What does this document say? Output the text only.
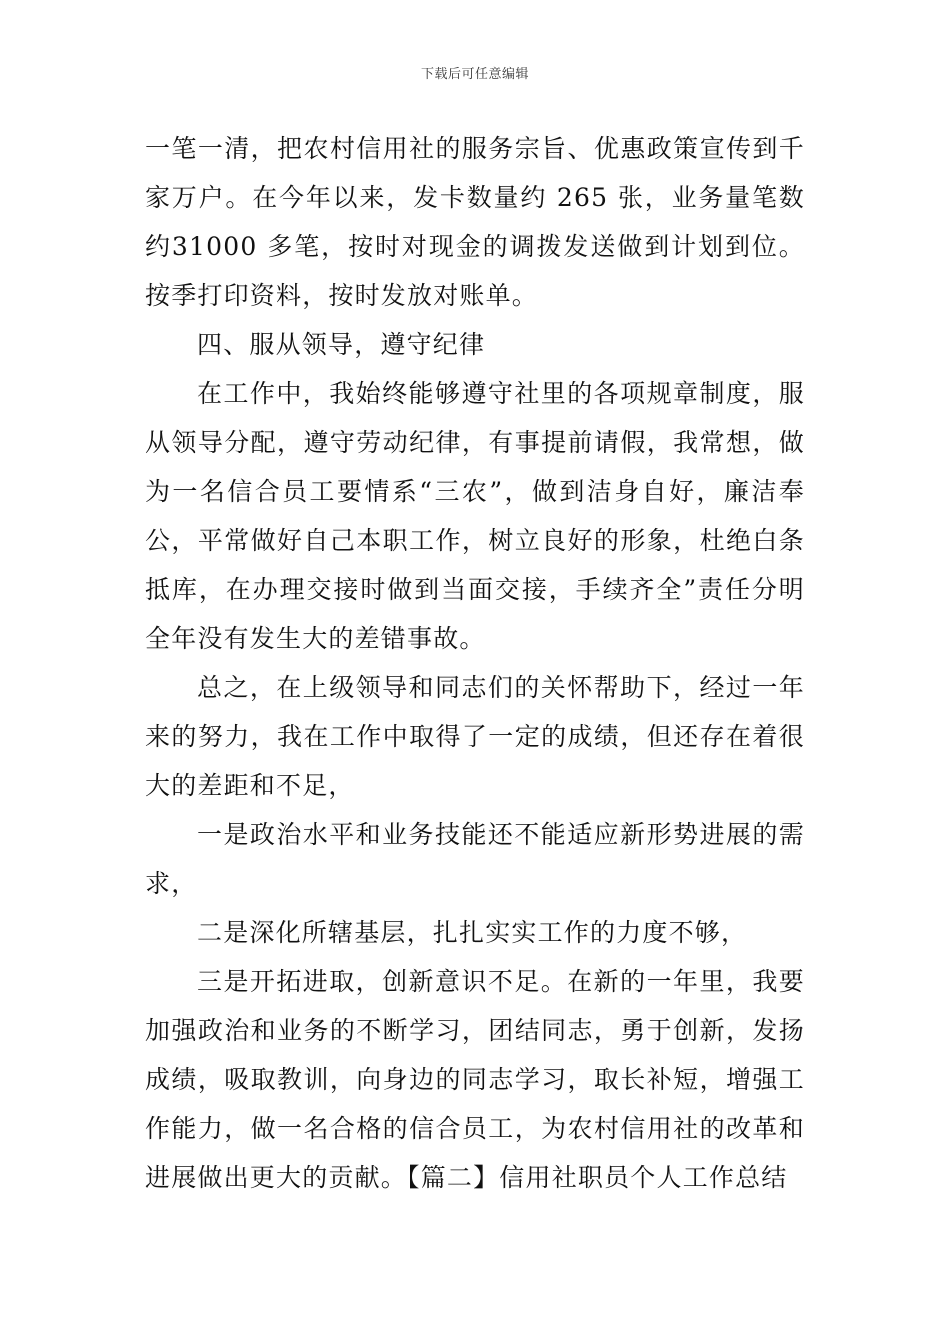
下载后可任意编辑

一笔一清，把农村信用社的服务宗旨、优惠政策宣传到千家万户。在今年以来，发卡数量约 265 张，业务量笔数约31000 多笔，按时对现金的调拨发送做到计划到位。按季打印资料，按时发放对账单。

四、服从领导，遵守纪律

在工作中，我始终能够遵守社里的各项规章制度，服从领导分配，遵守劳动纪律，有事提前请假，我常想，做为一名信合员工要情系“三农”，做到洁身自好，廉洁奉公，平常做好自己本职工作，树立良好的形象，杜绝白条抵库，在办理交接时做到当面交接，手续齐全”责任分明全年没有发生大的差错事故。

总之，在上级领导和同志们的关怀帮助下，经过一年来的努力，我在工作中取得了一定的成绩，但还存在着很大的差距和不足，

一是政治水平和业务技能还不能适应新形势进展的需求，

二是深化所辖基层，扎扎实实工作的力度不够，

三是开拓进取，创新意识不足。在新的一年里，我要加强政治和业务的不断学习，团结同志，勇于创新，发扬成绩，吸取教训，向身边的同志学习，取长补短，增强工作能力，做一名合格的信合员工，为农村信用社的改革和进展做出更大的贡献。【篇二】信用社职员个人工作总结
